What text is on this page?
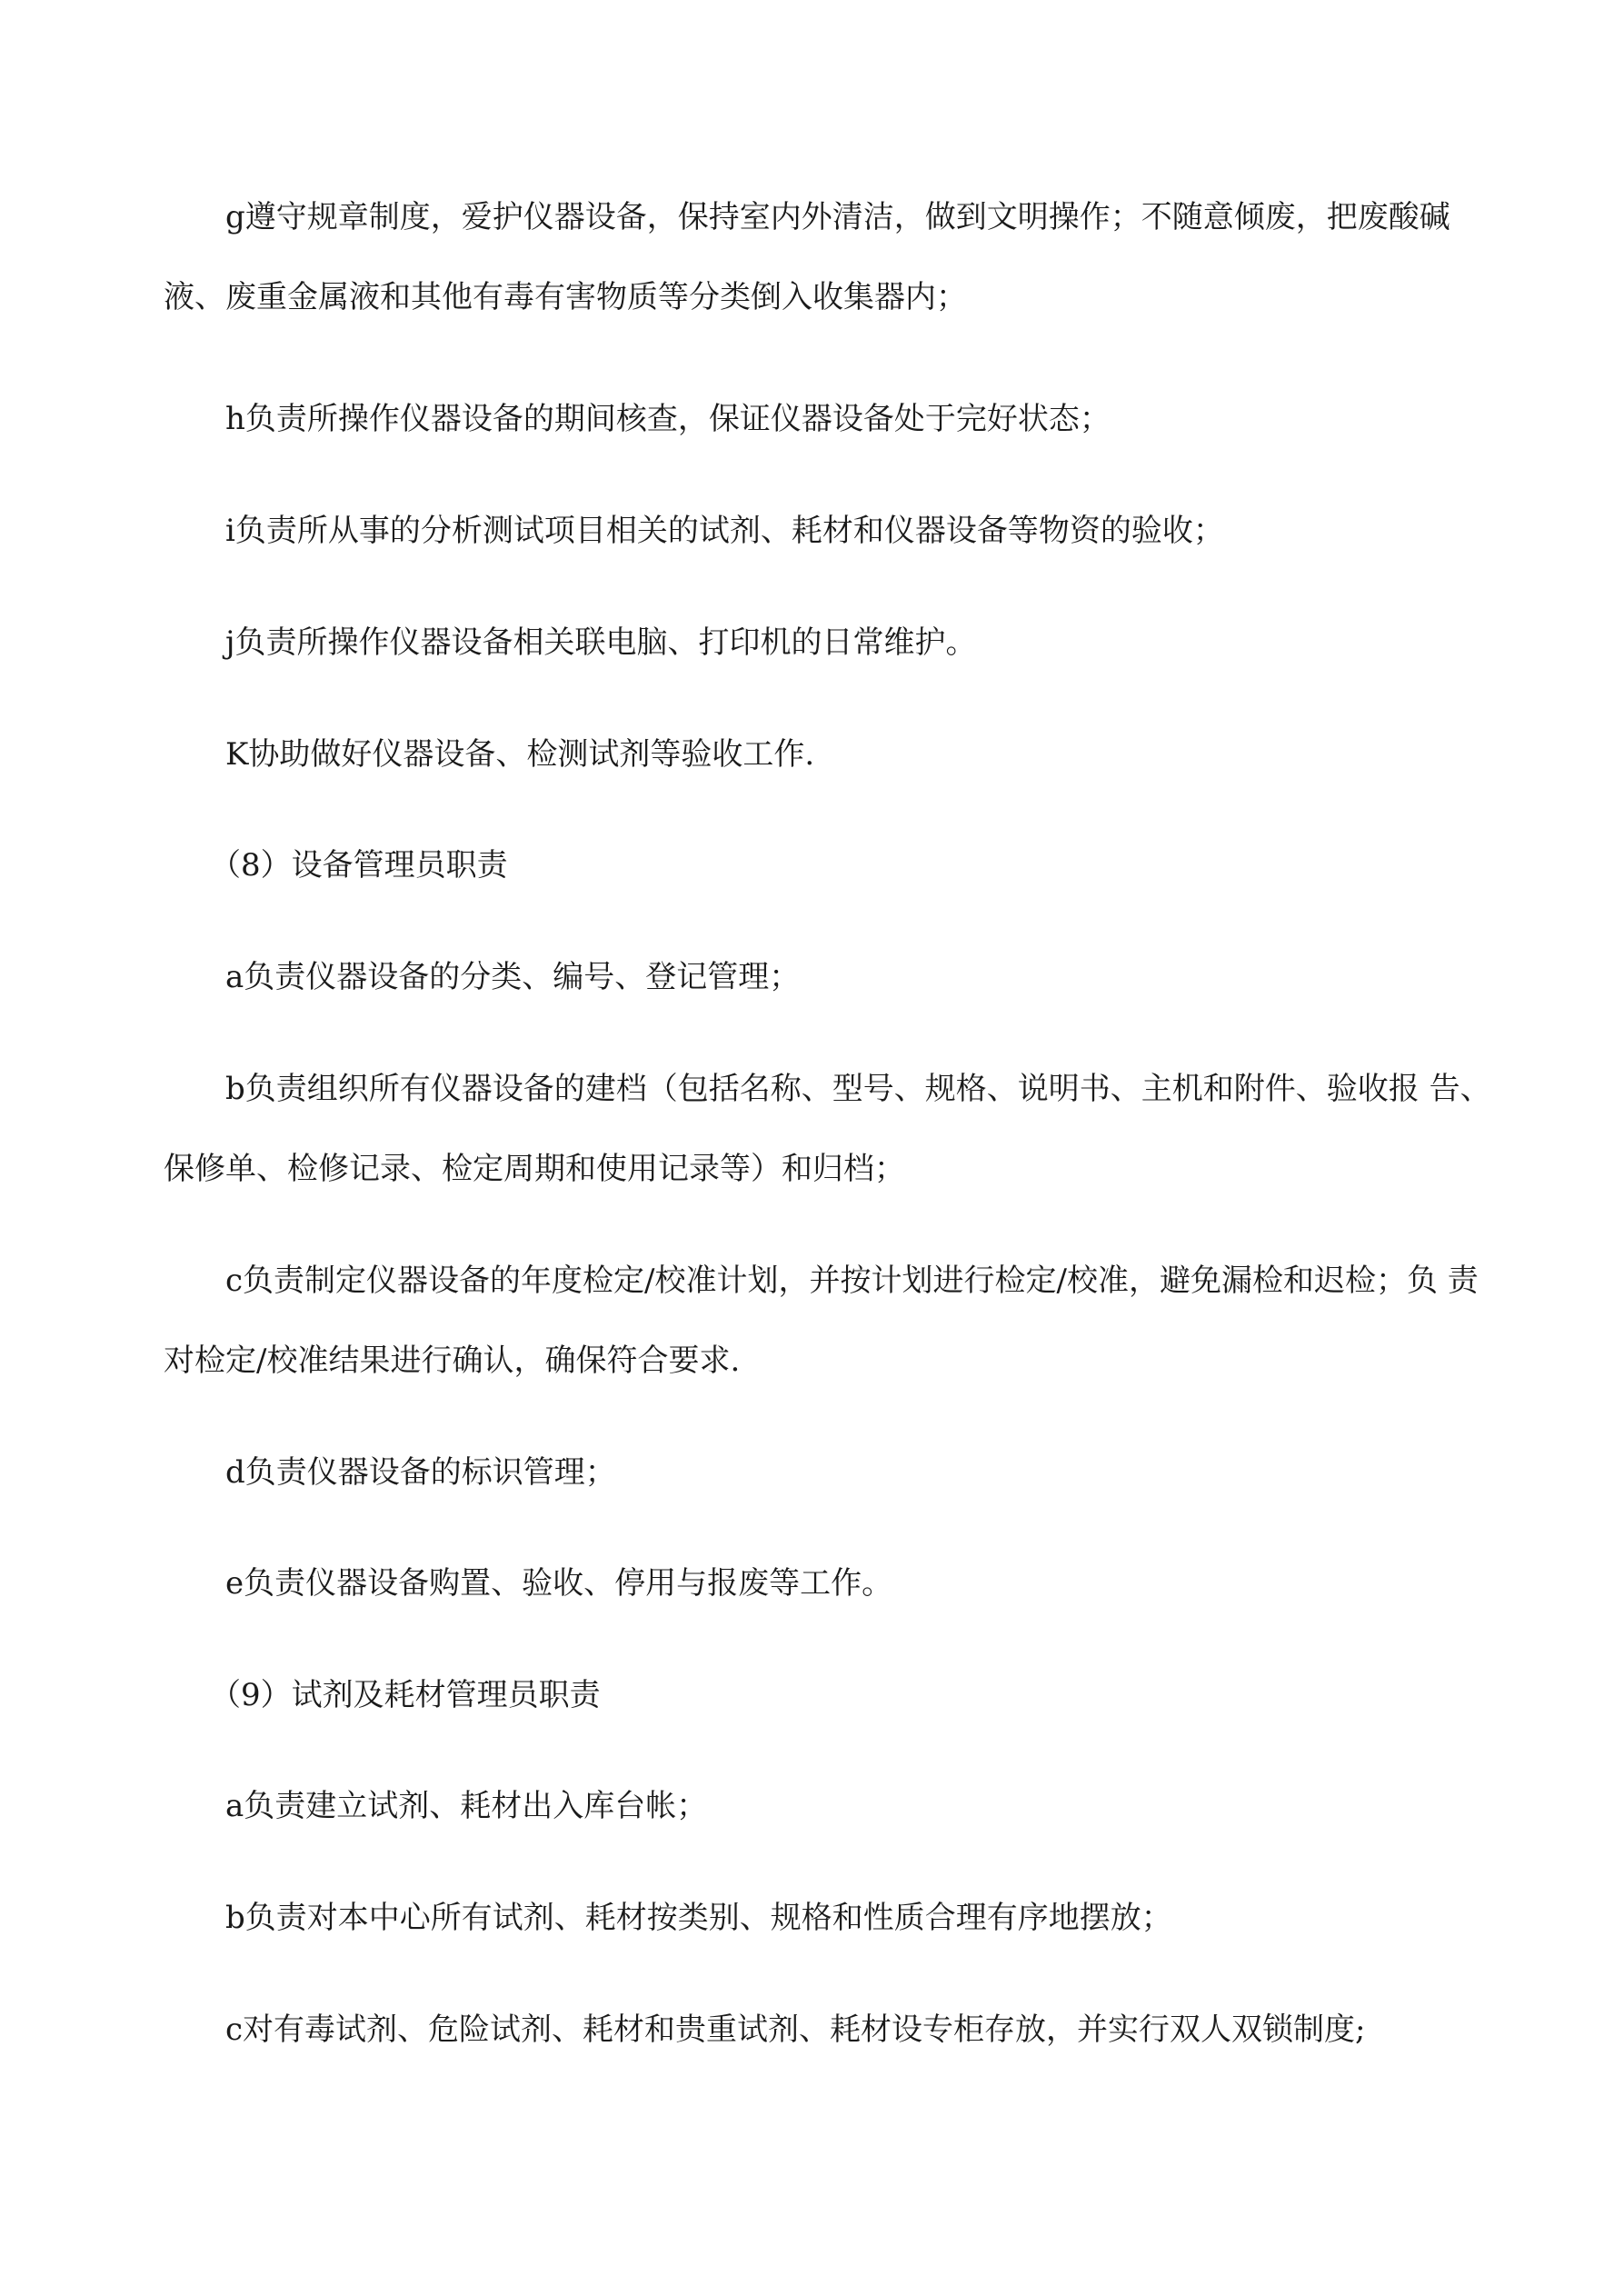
　　g遵守规章制度，爱护仪器设备，保持室内外清洁，做到文明操作；不随意倾废，把废酸碱
液、废重金属液和其他有毒有害物质等分类倒入收集器内；

　　h负责所操作仪器设备的期间核查，保证仪器设备处于完好状态；

　　i负责所从事的分析测试项目相关的试剂、耗材和仪器设备等物资的验收；

　　j负责所操作仪器设备相关联电脑、打印机的日常维护。

　　K协助做好仪器设备、检测试剂等验收工作.

　　（8）设备管理员职责

　　a负责仪器设备的分类、编号、登记管理；

　　b负责组织所有仪器设备的建档（包括名称、型号、规格、说明书、主机和附件、验收报 告、
保修单、检修记录、检定周期和使用记录等）和归档；

　　c负责制定仪器设备的年度检定/校准计划，并按计划进行检定/校准，避免漏检和迟检；负 责
对检定/校准结果进行确认，确保符合要求.

　　d负责仪器设备的标识管理；

　　e负责仪器设备购置、验收、停用与报废等工作。

　　（9）试剂及耗材管理员职责

　　a负责建立试剂、耗材出入库台帐；

　　b负责对本中心所有试剂、耗材按类别、规格和性质合理有序地摆放；

　　c对有毒试剂、危险试剂、耗材和贵重试剂、耗材设专柜存放，并实行双人双锁制度;
